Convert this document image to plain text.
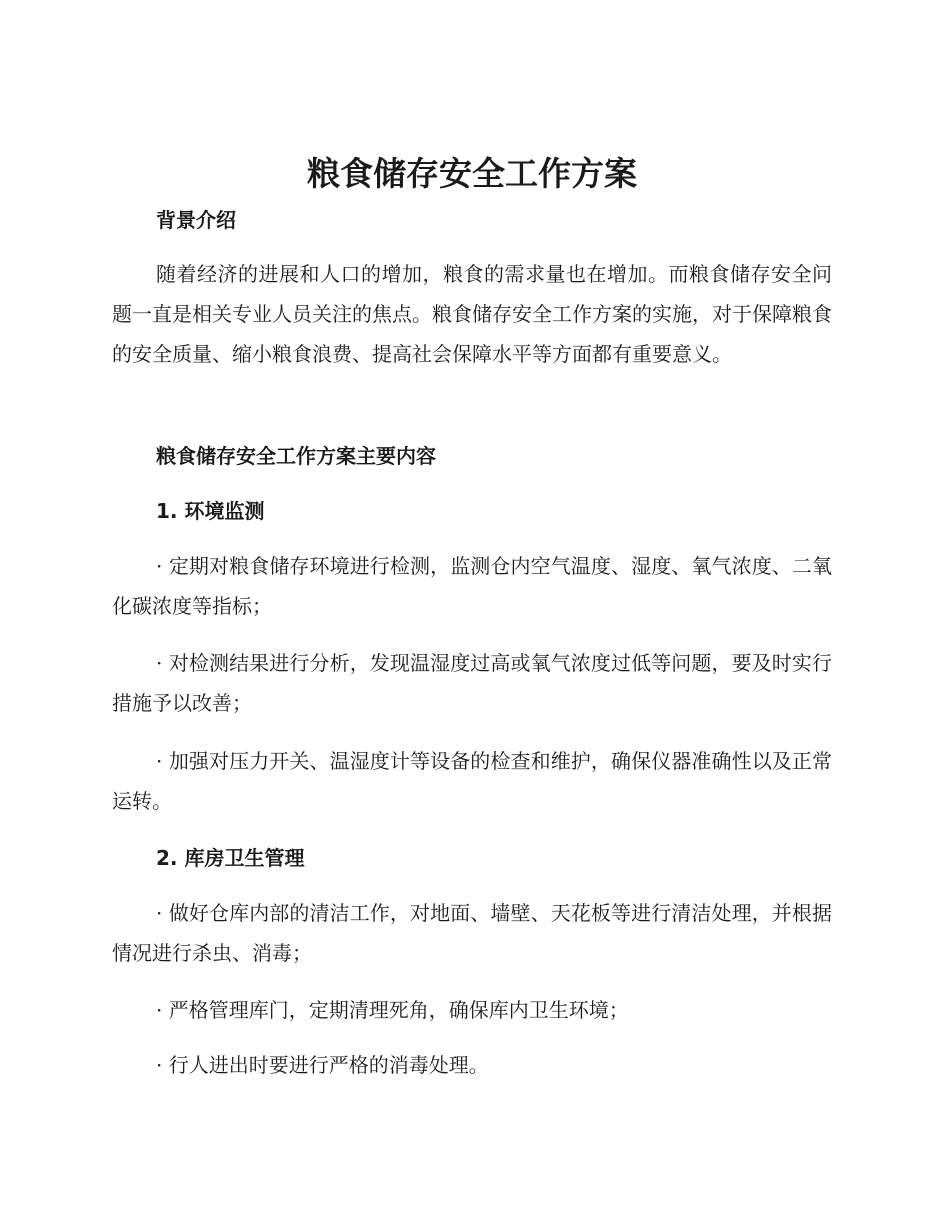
粮食储存安全工作方案
背景介绍

随着经济的进展和人口的增加，粮食的需求量也在增加。而粮食储存安全问题一直是相关专业人员关注的焦点。粮食储存安全工作方案的实施，对于保障粮食的安全质量、缩小粮食浪费、提高社会保障水平等方面都有重要意义。

粮食储存安全工作方案主要内容
1. 环境监测

· 定期对粮食储存环境进行检测，监测仓内空气温度、湿度、氧气浓度、二氧化碳浓度等指标；

· 对检测结果进行分析，发现温湿度过高或氧气浓度过低等问题，要及时实行措施予以改善；

· 加强对压力开关、温湿度计等设备的检查和维护，确保仪器准确性以及正常运转。

2. 库房卫生管理

· 做好仓库内部的清洁工作，对地面、墙壁、天花板等进行清洁处理，并根据情况进行杀虫、消毒；

· 严格管理库门，定期清理死角，确保库内卫生环境；

· 行人进出时要进行严格的消毒处理。
